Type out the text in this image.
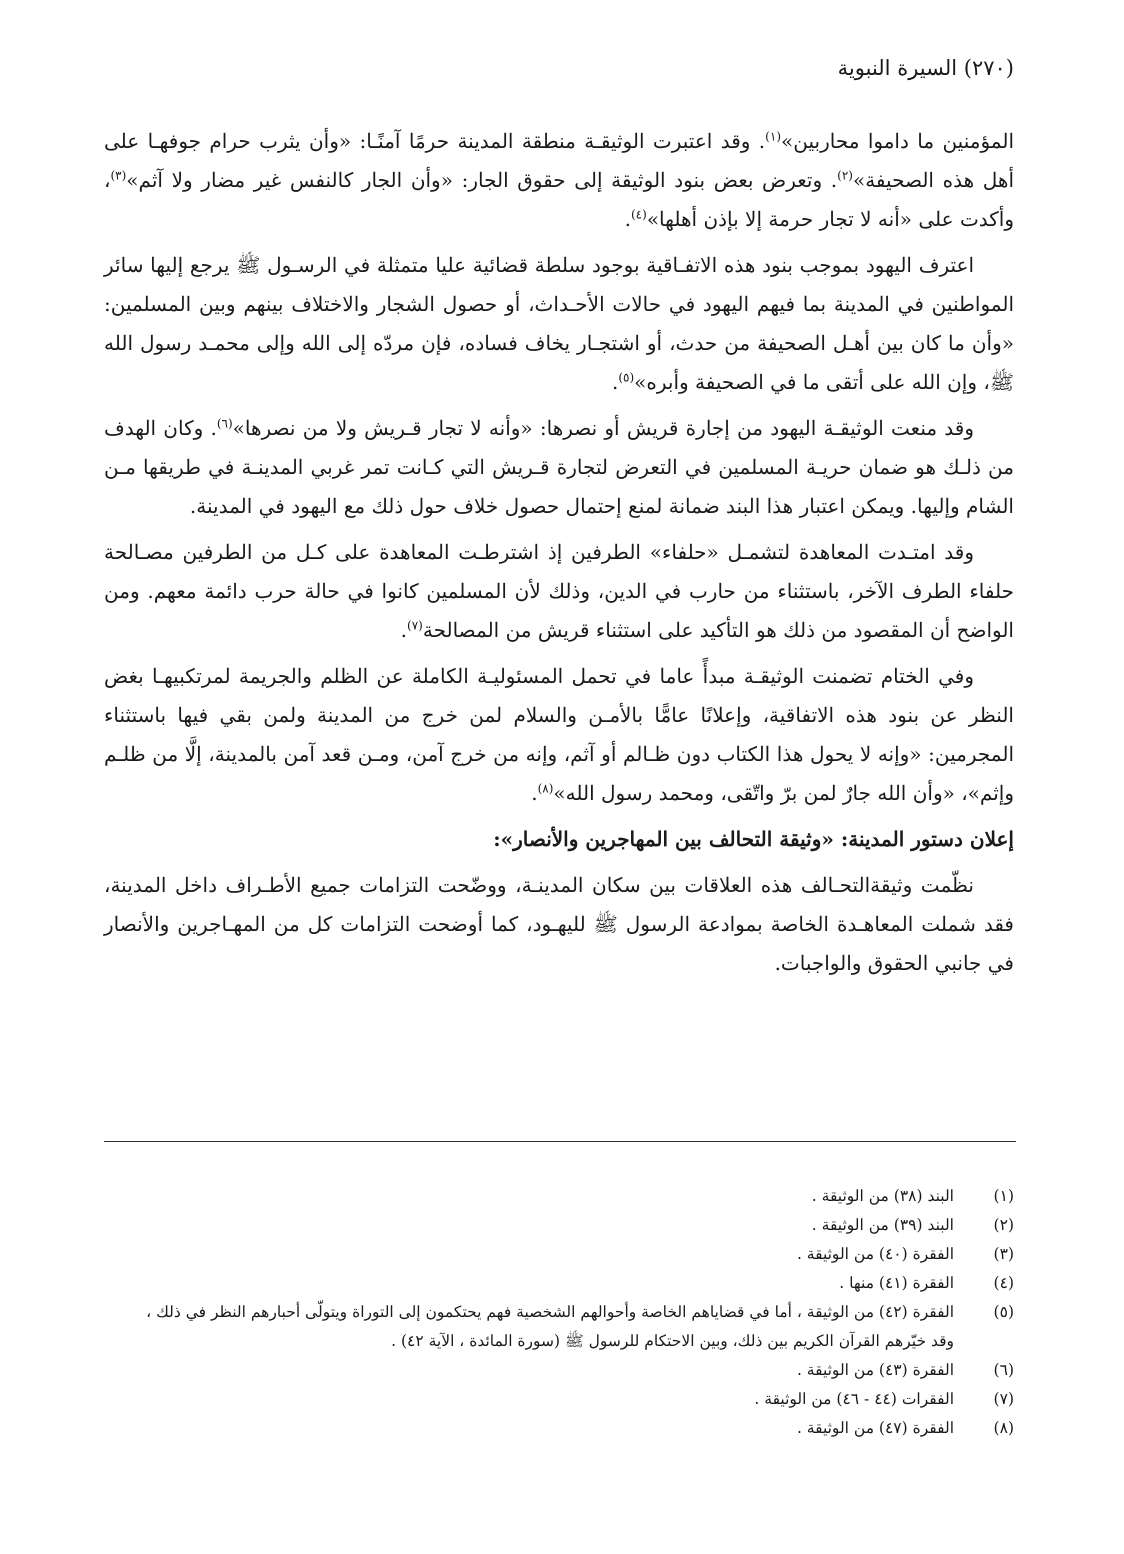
(٢٧٠) السيرة النبوية

المؤمنين ما داموا محاربين»$^{(١)}$. وقد اعتبرت الوثيقـة منطقة المدينة حرمًا آمنًـا: «وأن يثرب حرام جوفهـا على أهل هذه الصحيفة»$^{(٢)}$. وتعرض بعض بنود الوثيقة إلى حقوق الجار: «وأن الجار كالنفس غير مضار ولا آثم»$^{(٣)}$، وأكدت على «أنه لا تجار حرمة إلا بإذن أهلها»$^{(٤)}$.

اعترف اليهود بموجب بنود هذه الاتفـاقية بوجود سلطة قضائية عليا متمثلة في الرسـول ﷺ يرجع إليها سائر المواطنين في المدينة بما فيهم اليهود في حالات الأحـداث، أو حصول الشجار والاختلاف بينهم وبين المسلمين: «وأن ما كان بين أهـل الصحيفة من حدث، أو اشتجـار يخاف فساده، فإن مردّه إلى الله وإلى محمـد رسول الله ﷺ، وإن الله على أتقى ما في الصحيفة وأبره»$^{(٥)}$.

وقد منعت الوثيقـة اليهود من إجارة قريش أو نصرها: «وأنه لا تجار قـريش ولا من نصرها»$^{(٦)}$. وكان الهدف من ذلـك هو ضمان حريـة المسلمين في التعرض لتجارة قـريش التي كـانت تمر غربي المدينـة في طريقها مـن الشام وإليها. ويمكن اعتبار هذا البند ضمانة لمنع إحتمال حصول خلاف حول ذلك مع اليهود في المدينة.

وقد امتـدت المعاهدة لتشمـل «حلفاء» الطرفين إذ اشترطـت المعاهدة على كـل من الطرفين مصـالحة حلفاء الطرف الآخر، باستثناء من حارب في الدين، وذلك لأن المسلمين كانوا في حالة حرب دائمة معهم. ومن الواضح أن المقصود من ذلك هو التأكيد على استثناء قريش من المصالحة$^{(٧)}$.

وفي الختام تضمنت الوثيقـة مبدأً عاما في تحمل المسئوليـة الكاملة عن الظلم والجريمة لمرتكبيهـا بغض النظر عن بنود هذه الاتفاقية، وإعلانًا عامًّا بالأمـن والسلام لمن خرج من المدينة ولمن بقي فيها باستثناء المجرمين: «وإنه لا يحول هذا الكتاب دون ظـالم أو آثم، وإنه من خرج آمن، ومـن قعد آمن بالمدينة، إلَّا من ظلـم وإثم»، «وأن الله جارٌ لمن برّ واتّقى، ومحمد رسول الله»$^{(٨)}$.

إعلان دستور المدينة: «وثيقة التحالف بين المهاجرين والأنصار»:

نظّمت وثيقةالتحـالف هذه العلاقات بين سكان المدينـة، ووضّحت التزامات جميع الأطـراف داخل المدينة، فقد شملت المعاهـدة الخاصة بموادعة الرسول ﷺ لليهـود، كما أوضحت التزامات كل من المهـاجرين والأنصار في جانبي الحقوق والواجبات.

(١)
البند (٣٨) من الوثيقة .
(٢)
البند (٣٩) من الوثيقة .
(٣)
الفقرة (٤٠) من الوثيقة .
(٤)
الفقرة (٤١) منها .
(٥)
الفقرة (٤٢) من الوثيقة ، أما في قضاياهم الخاصة وأحوالهم الشخصية فهم يحتكمون إلى التوراة ويتولّى أحبارهم النظر في ذلك ،
وقد خيّرهم القرآن الكريم بين ذلك، وبين الاحتكام للرسول ﷺ (سورة المائدة ، الآية ٤٢) .
(٦)
الفقرة (٤٣) من الوثيقة .
(٧)
الفقرات (٤٤ - ٤٦) من الوثيقة .
(٨)
الفقرة (٤٧) من الوثيقة .
